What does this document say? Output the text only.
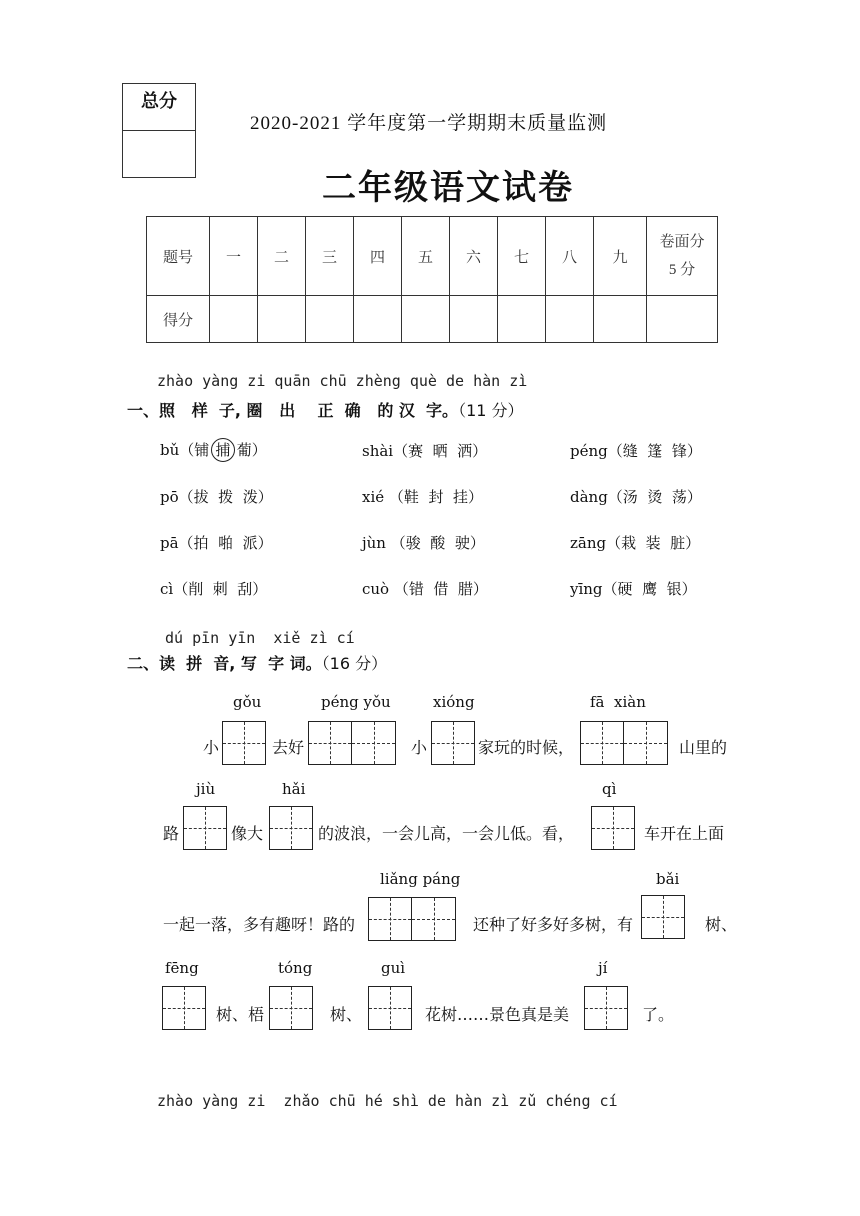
总分
2020-2021 学年度第一学期期末质量监测
二年级语文试卷
题号	一	二	三	四	五	六	七	八	九	卷面分
5 分

得分										
zhào yàng zi quān chū zhèng què de hàn zì
一、照   样  子, 圈   出    正  确   的 汉  字。（11 分）
bǔ（铺 捕 葡）	shài（赛  晒  洒）	péng（缝  篷  锋）
pō（拔  拨  泼）	xié （鞋  封  挂）	dàng（汤  烫  荡）
pā（拍  啪  派）	jùn （骏  酸  驶）	zāng（栽  装  脏）
cì（削  刺  刮）	cuò （错  借  腊）	yīng（硬  鹰  银）
dú pīn yīn  xiě zì cí
二、读  拼  音, 写  字 词。（16 分）
gǒu	péng yǒu	xióng	fā  xiàn
小	去好	小	家玩的时候，	山里的
jiù	hǎi	qì
路	像大	的波浪，一会儿高，一会儿低。看，	车开在上面
liǎng páng	bǎi
一起一落，多有趣呀！路的	还种了好多好多树，有	树、
fēng	tóng	guì	jí
树、梧	树、	花树……景色真是美	了。
zhào yàng zi  zhǎo chū hé shì de hàn zì zǔ chéng cí
